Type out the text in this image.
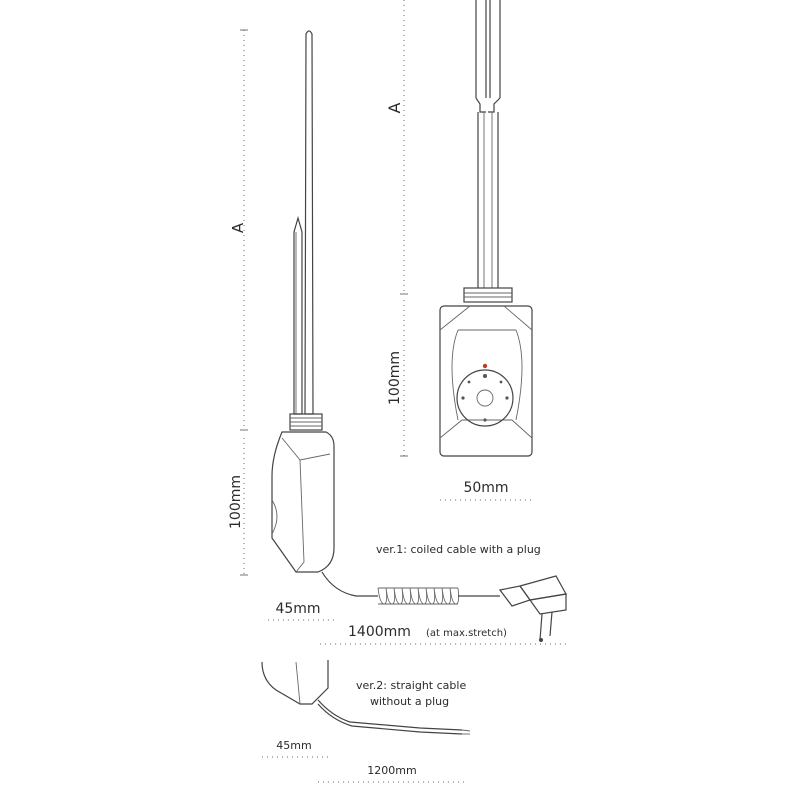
A
A
100mm
100mm
50mm
45mm
1400mm (at max.stretch)
ver.1: coiled cable with a plug
ver.2: straight cable
without a plug
45mm
1200mm
